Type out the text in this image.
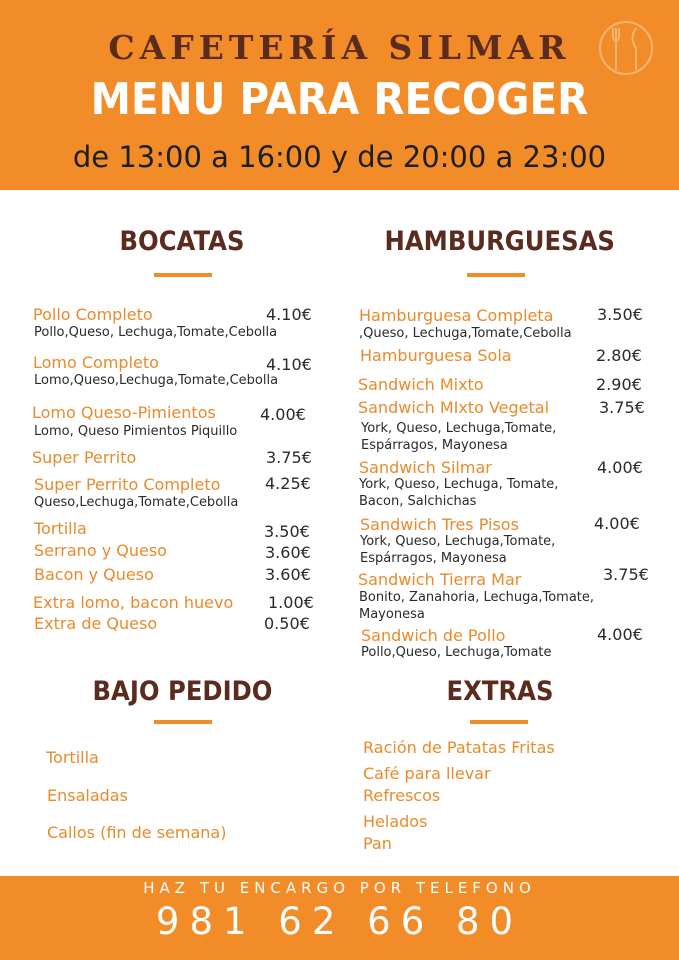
CAFETERÍA SILMAR
MENU PARA RECOGER
de 13:00 a 16:00 y de 20:00 a 23:00
BOCATAS	HAMBURGUESAS
Pollo Completo	4.10€
Pollo,Queso, Lechuga,Tomate,Cebolla
Lomo Completo	4.10€
Lomo,Queso,Lechuga,Tomate,Cebolla
Lomo Queso-Pimientos	4.00€
Lomo, Queso Pimientos Piquillo
Super Perrito	3.75€
Super Perrito Completo	4.25€
Queso,Lechuga,Tomate,Cebolla
Tortilla	3.50€
Serrano y Queso	3.60€
Bacon y Queso	3.60€
Extra lomo, bacon huevo 1.00€
Extra de Queso	0.50€
Hamburguesa Completa	3.50€
,Queso, Lechuga,Tomate,Cebolla
Hamburguesa Sola	2.80€
Sandwich Mixto	2.90€
Sandwich MIxto Vegetal	3.75€
York, Queso, Lechuga,Tomate,
Espárragos, Mayonesa
Sandwich Silmar	4.00€
York, Queso, Lechuga, Tomate,
Bacon, Salchichas
Sandwich Tres Pisos	4.00€
York, Queso, Lechuga,Tomate,
Espárragos, Mayonesa
Sandwich Tierra Mar	3.75€
Bonito, Zanahoria, Lechuga,Tomate,
Mayonesa
Sandwich de Pollo	4.00€
Pollo,Queso, Lechuga,Tomate
BAJO PEDIDO
Tortilla
Ensaladas
Callos (fin de semana)
EXTRAS
Ración de Patatas Fritas
Café para llevar
Refrescos
Helados
Pan
HAZ TU ENCARGO POR TELEFONO
981 62 66 80
